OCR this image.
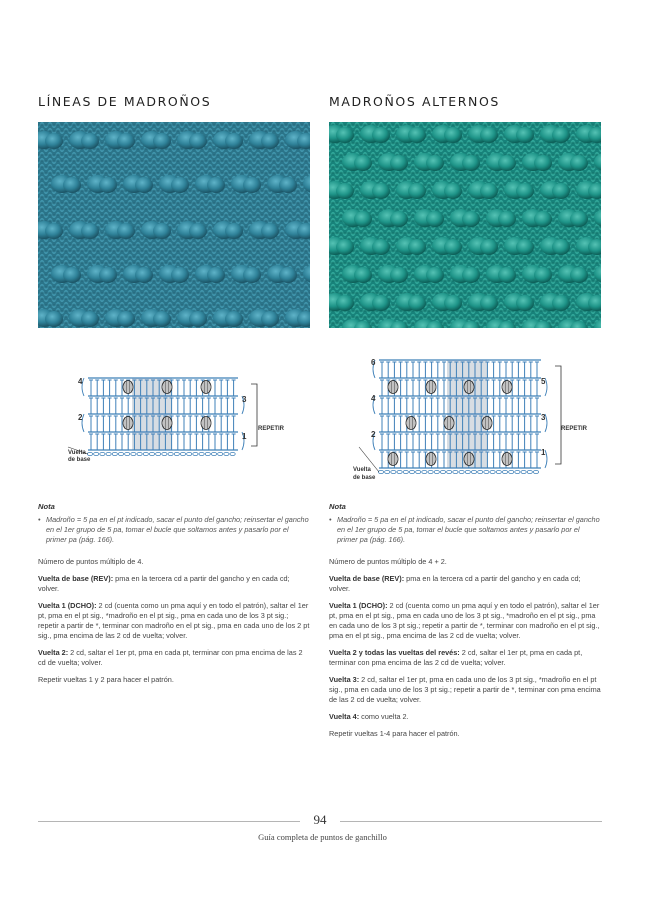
LÍNEAS DE MADROÑOS
4
3
2
1
REPETIR
Vuelta
de base
Nota
• Madroño = 5 pa en el pt indicado, sacar el punto del gancho; reinsertar el gancho en el 1er grupo de 5 pa, tomar el bucle que soltamos antes y pasarlo por el primer pa (pág. 166).
Número de puntos múltiplo de 4.
Vuelta de base (REV): pma en la tercera cd a partir del gancho y en cada cd; volver.
Vuelta 1 (DCHO): 2 cd (cuenta como un pma aquí y en todo el patrón), saltar el 1er pt, pma en el pt sig., *madroño en el pt sig., pma en cada uno de los 3 pt sig.; repetir a partir de *, terminar con madroño en el pt sig., pma en cada uno de los 2 pt sig., pma encima de las 2 cd de vuelta; volver.
Vuelta 2: 2 cd, saltar el 1er pt, pma en cada pt, terminar con pma encima de las 2 cd de vuelta; volver.
Repetir vueltas 1 y 2 para hacer el patrón.
MADROÑOS ALTERNOS
6
4
2
5
3
1
REPETIR
Vuelta
de base
Nota
• Madroño = 5 pa en el pt indicado, sacar el punto del gancho; reinsertar el gancho en el 1er grupo de 5 pa, tomar el bucle que soltamos antes y pasarlo por el primer pa (pág. 166).
Número de puntos múltiplo de 4 + 2.
Vuelta de base (REV): pma en la tercera cd a partir del gancho y en cada cd; volver.
Vuelta 1 (DCHO): 2 cd (cuenta como un pma aquí y en todo el patrón), saltar el 1er pt, pma en el pt sig., pma en cada uno de los 3 pt sig., *madroño en el pt sig., pma en cada uno de los 3 pt sig.; repetir a partir de *, terminar con madroño en el pt sig., pma en el pt sig., pma encima de las 2 cd de vuelta; volver.
Vuelta 2 y todas las vueltas del revés: 2 cd, saltar el 1er pt, pma en cada pt, terminar con pma encima de las 2 cd de vuelta; volver.
Vuelta 3: 2 cd, saltar el 1er pt, pma en cada uno de los 3 pt sig., *madroño en el pt sig., pma en cada uno de los 3 pt sig.; repetir a partir de *, terminar con pma encima de las 2 cd de vuelta; volver.
Vuelta 4: como vuelta 2.
Repetir vueltas 1-4 para hacer el patrón.
94
Guía completa de puntos de ganchillo
